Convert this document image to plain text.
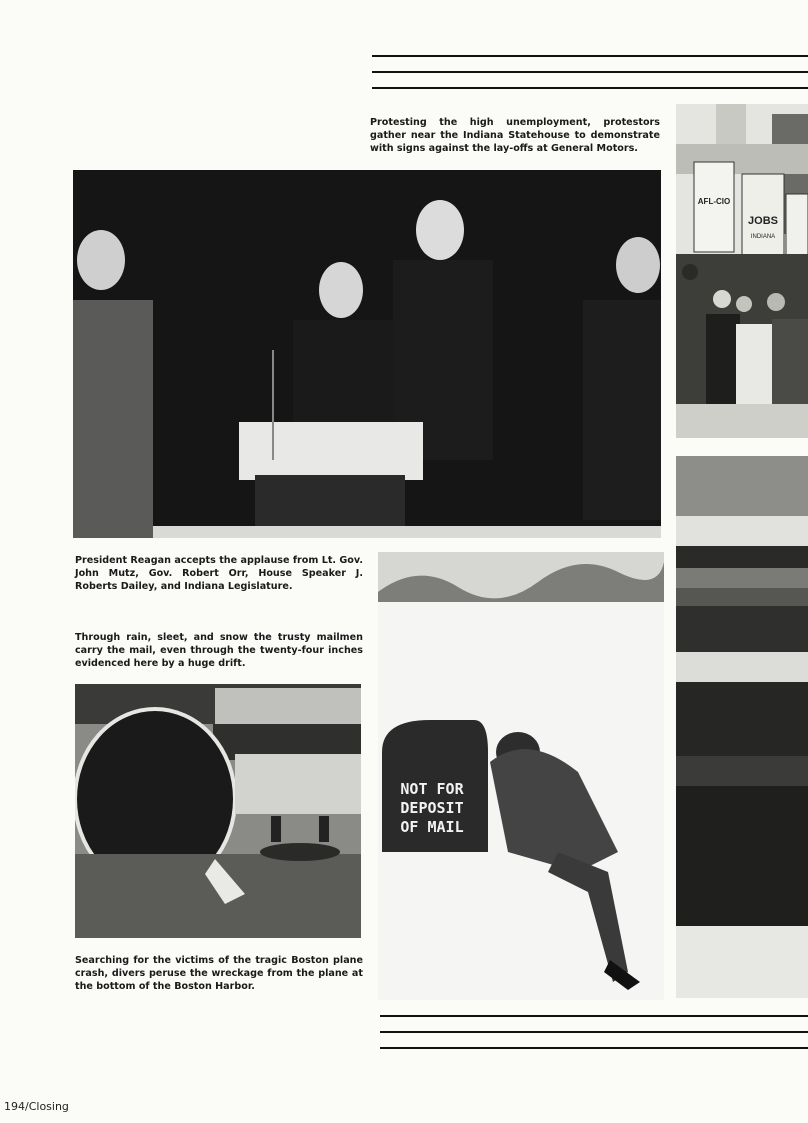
Protesting the high unemployment, protestors gather near the Indiana Statehouse to demonstrate with signs against the lay-offs at General Motors.
AFL-CIO
JOBS
INDIANA
President Reagan accepts the applause from Lt. Gov. John Mutz, Gov. Robert Orr, House Speaker J. Roberts Dailey, and Indiana Legislature.
Through rain, sleet, and snow the trusty mailmen carry the mail, even through the twenty-four inches evidenced here by a huge drift.
Searching for the victims of the tragic Boston plane crash, divers peruse the wreckage from the plane at the bottom of the Boston Harbor.
NOT FOR
DEPOSIT
OF MAIL
194/Closing
